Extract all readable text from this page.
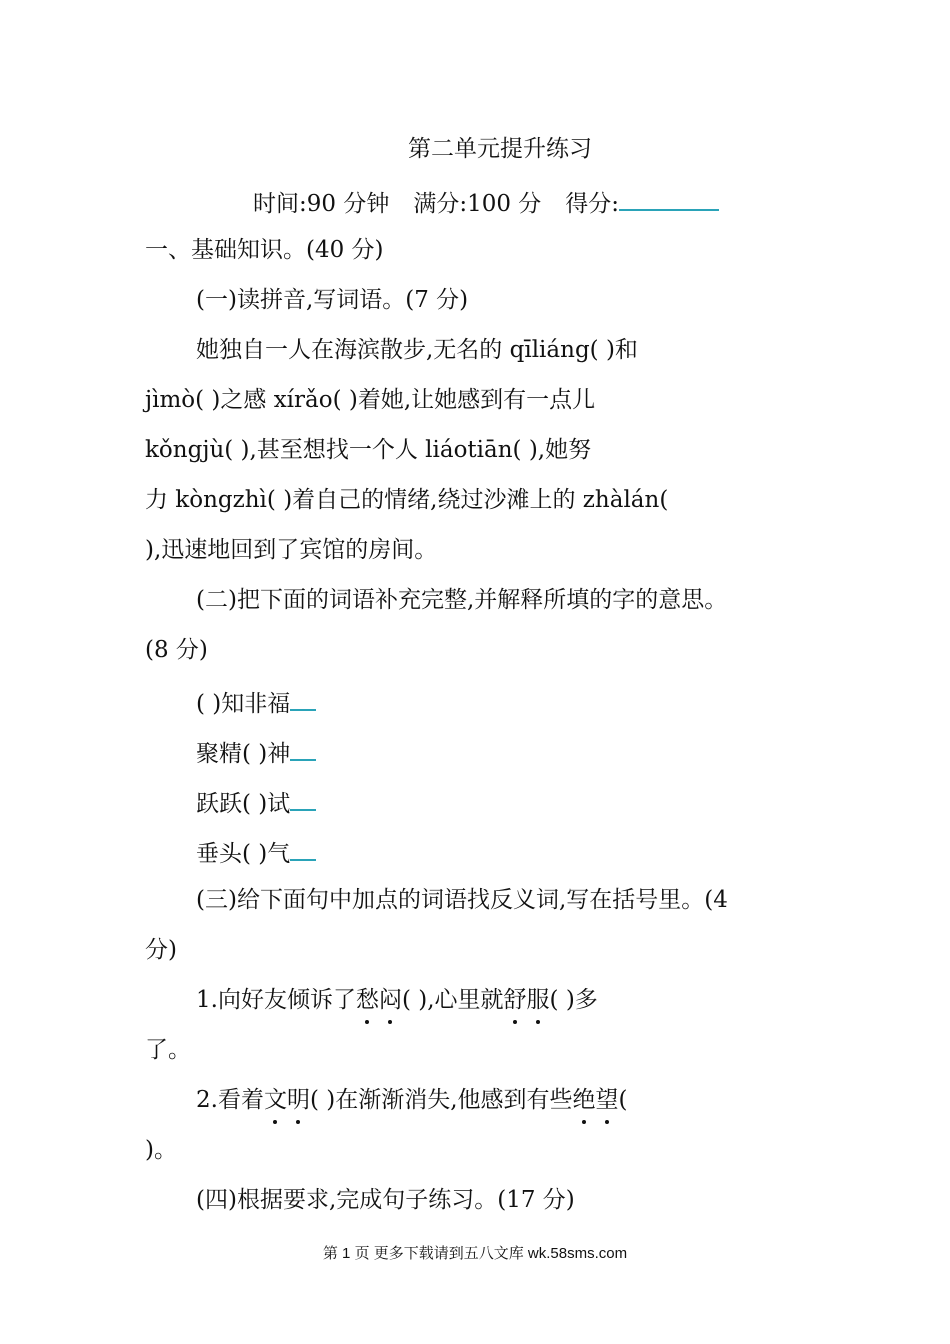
第二单元提升练习
时间:90 分钟 满分:100 分 得分:
一、基础知识。(40 分)
(一)读拼音,写词语。(7 分)
她独自一人在海滨散步,无名的 qīliáng( )和
jìmò( )之感 xírǎo( )着她,让她感到有一点儿
kǒngjù( ),甚至想找一个人 liáotiān( ),她努
力 kòngzhì( )着自己的情绪,绕过沙滩上的 zhàlán(
),迅速地回到了宾馆的房间。
(二)把下面的词语补充完整,并解释所填的字的意思。
(8 分)
( )知非福
聚精( )神
跃跃( )试
垂头( )气
(三)给下面句中加点的词语找反义词,写在括号里。(4
分)
1.向好友倾诉了愁闷( ),心里就舒服( )多
了。
2.看着文明( )在渐渐消失,他感到有些绝望(
)。
(四)根据要求,完成句子练习。(17 分)
第 1 页 更多下载请到五八文库 wk.58sms.com
